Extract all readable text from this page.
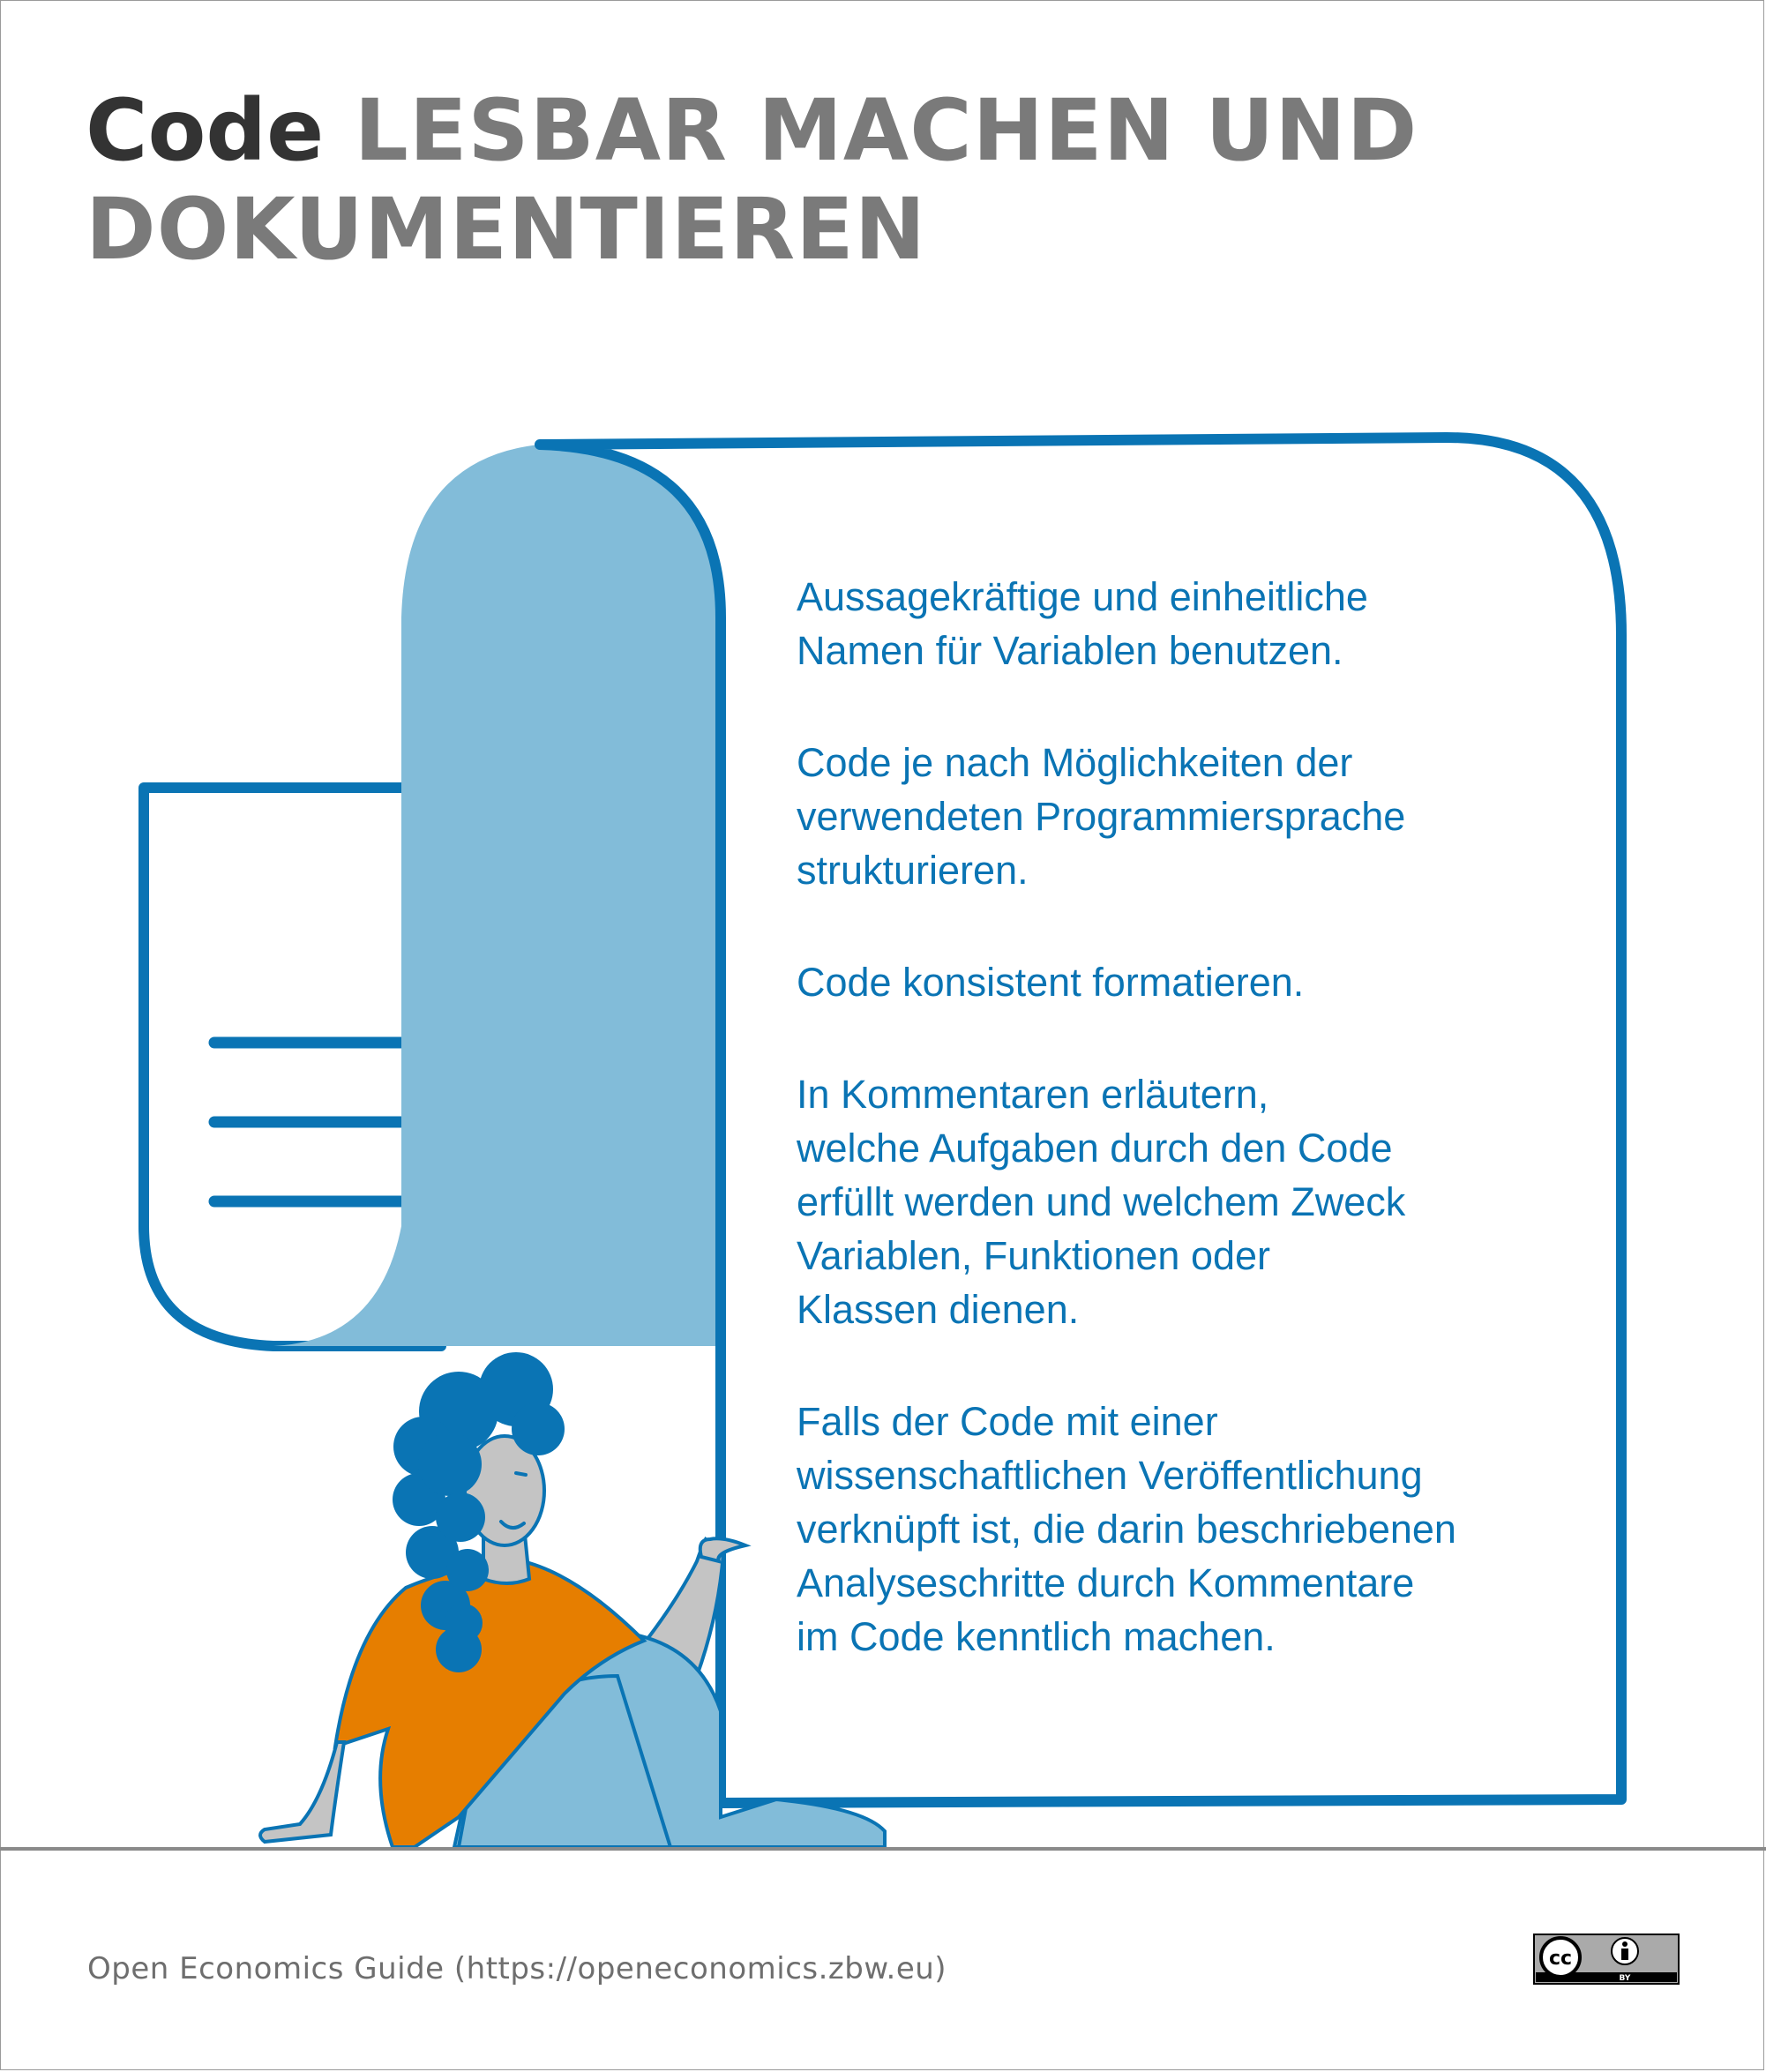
Code LESBAR MACHEN UND DOKUMENTIEREN

Aussagekräftige und einheitliche
Namen für Variablen benutzen.

Code je nach Möglichkeiten der
verwendeten Programmiersprache
strukturieren.

Code konsistent formatieren.

In Kommentaren erläutern,
welche Aufgaben durch den Code
erfüllt werden und welchem Zweck
Variablen, Funktionen oder
Klassen dienen.

Falls der Code mit einer
wissenschaftlichen Veröffentlichung
verknüpft ist, die darin beschriebenen
Analyseschritte durch Kommentare
im Code kenntlich machen.

Open Economics Guide (https://openeconomics.zbw.eu)	cc
BY
